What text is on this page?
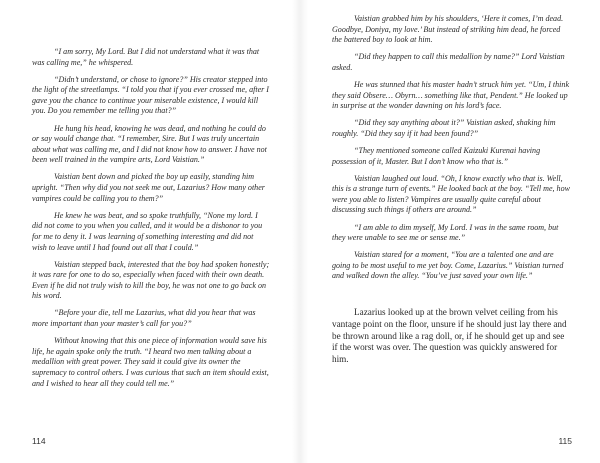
“I am sorry, My Lord. But I did not understand what it was that was calling me,” he whispered.

“Didn’t understand, or chose to ignore?” His creator stepped into the light of the streetlamps. “I told you that if you ever crossed me, after I gave you the chance to continue your miserable existence, I would kill you. Do you remember me telling you that?”

He hung his head, knowing he was dead, and nothing he could do or say would change that. “I remember, Sire. But I was truly uncertain about what was calling me, and I did not know how to answer. I have not been well trained in the vampire arts, Lord Vaistian.”

Vaistian bent down and picked the boy up easily, standing him upright. “Then why did you not seek me out, Lazarius? How many other vampires could be calling you to them?”

He knew he was beat, and so spoke truthfully, “None my lord. I did not come to you when you called, and it would be a dishonor to you for me to deny it. I was learning of something interesting and did not wish to leave until I had found out all that I could.”

Vaistian stepped back, interested that the boy had spoken honestly; it was rare for one to do so, especially when faced with their own death. Even if he did not truly wish to kill the boy, he was not one to go back on his word.

“Before your die, tell me Lazarius, what did you hear that was more important than your master’s call for you?”

Without knowing that this one piece of information would save his life, he again spoke only the truth. “I heard two men talking about a medallion with great power. They said it could give its owner the supremacy to control others. I was curious that such an item should exist, and I wished to hear all they could tell me.”

114

Vaistian grabbed him by his shoulders, ‘Here it comes, I’m dead. Goodbye, Doniya, my love.’ But instead of striking him dead, he forced the battered boy to look at him.

“Did they happen to call this medallion by name?” Lord Vaistian asked.

He was stunned that his master hadn’t struck him yet. “Um, I think they said Obsere… Obyrn… something like that, Pendent.” He looked up in surprise at the wonder dawning on his lord’s face.

“Did they say anything about it?” Vaistian asked, shaking him roughly. “Did they say if it had been found?”

“They mentioned someone called Kaizuki Kurenai having possession of it, Master. But I don’t know who that is.”

Vaistian laughed out loud. “Oh, I know exactly who that is. Well, this is a strange turn of events.” He looked back at the boy. “Tell me, how were you able to listen? Vampires are usually quite careful about discussing such things if others are around.”

“I am able to dim myself, My Lord. I was in the same room, but they were unable to see me or sense me.”

Vaistian stared for a moment, “You are a talented one and are going to be most useful to me yet boy. Come, Lazarius.” Vaistian turned and walked down the alley. “You’ve just saved your own life.”

Lazarius looked up at the brown velvet ceiling from his vantage point on the floor, unsure if he should just lay there and be thrown around like a rag doll, or, if he should get up and see if the worst was over. The question was quickly answered for him.

115
